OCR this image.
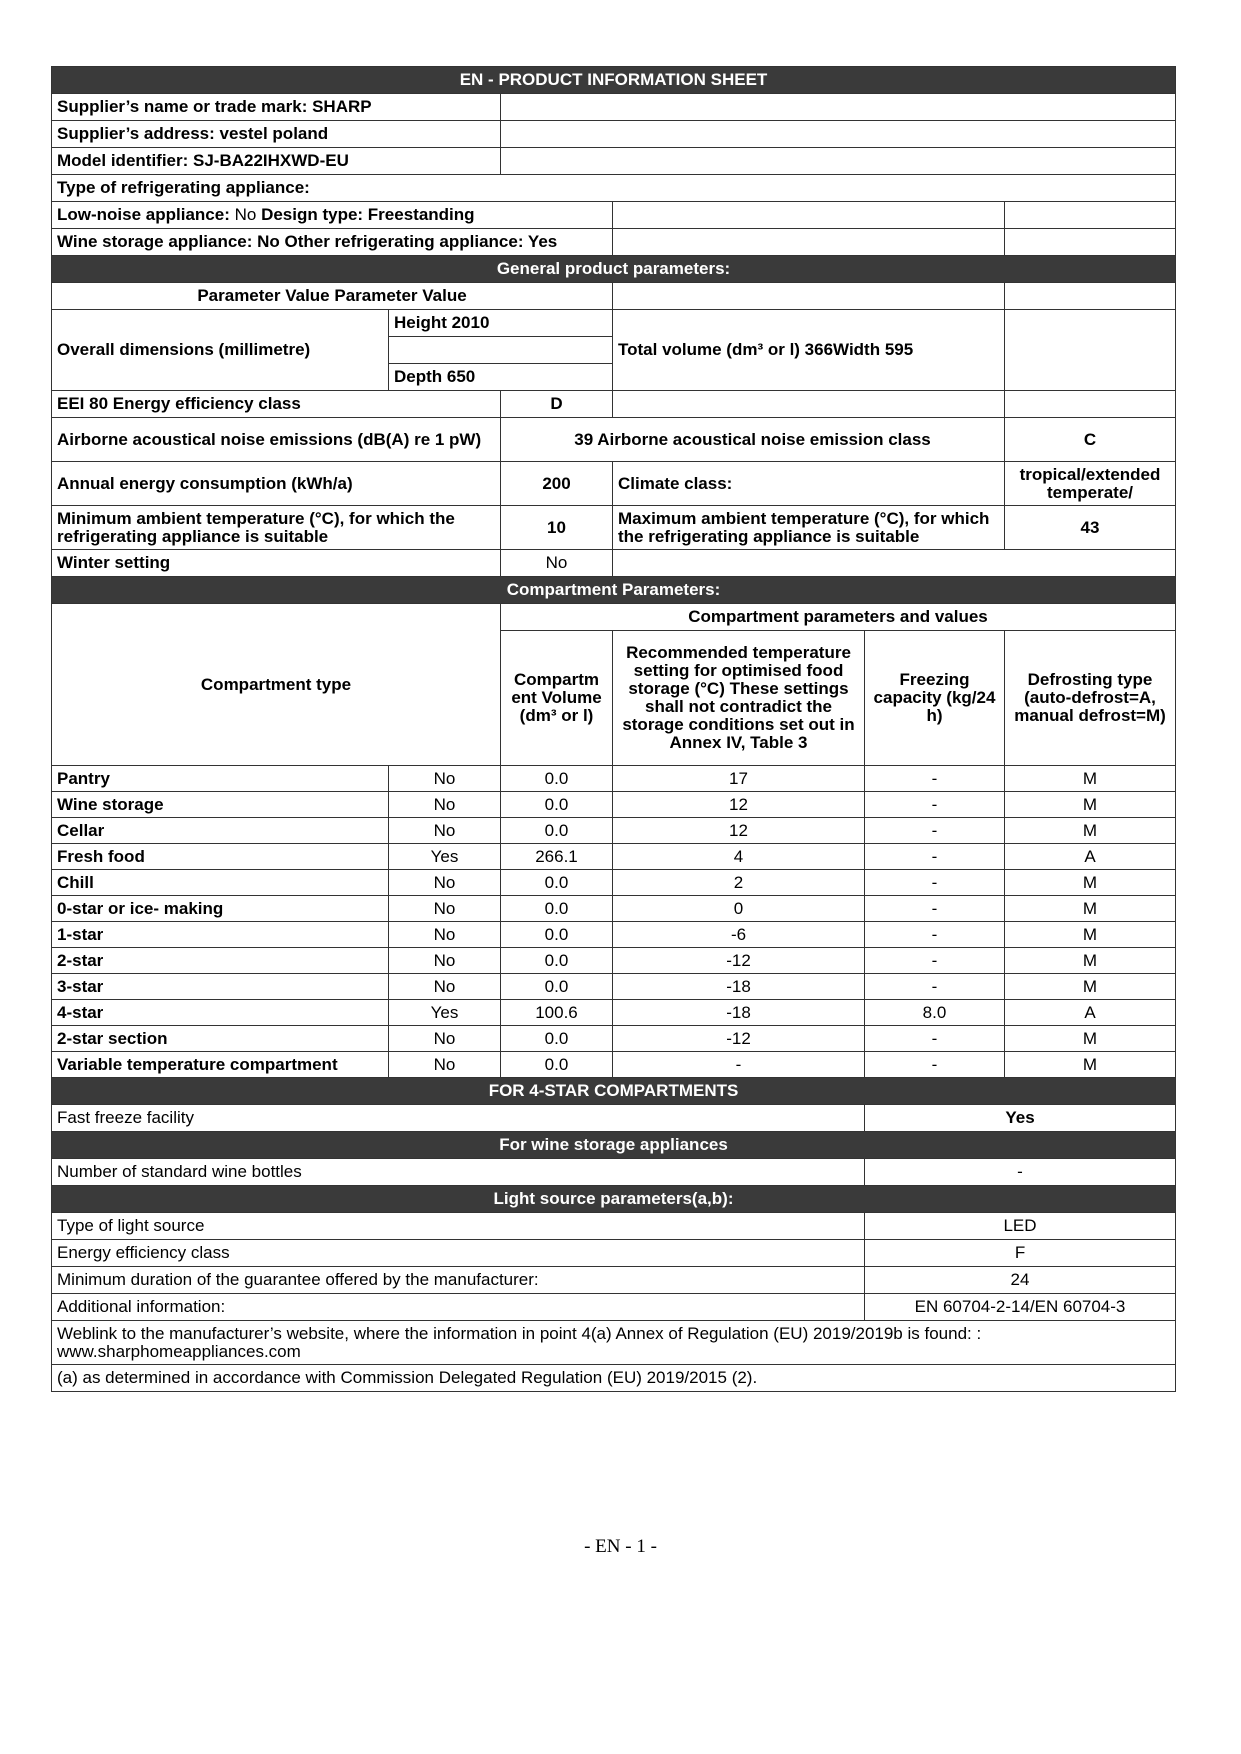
EN - PRODUCT INFORMATION SHEET					
Supplier’s name or trade mark: SHARP					
Supplier’s address: vestel poland					
Model identifier: SJ-BA22IHXWD-EU					
Type of refrigerating appliance:					
Low-noise appliance: No Design type: Freestanding					
Wine storage appliance: No Other refrigerating appliance: Yes					
General product parameters:					
Parameter Value Parameter Value					
Overall dimensions (millimetre)	Height 2010		Total volume (dm³ or l) 366Width 595		

	Depth 650				
EEI 80 Energy efficiency class		D			
Airborne acoustical noise emissions (dB(A) re 1 pW)		39 Airborne acoustical noise emission class			C
Annual energy consumption (kWh/a)		200	Climate class:		tropical/extended temperate/
Minimum ambient temperature (°C), for which the refrigerating appliance is suitable		10	Maximum ambient temperature (°C), for which the refrigerating appliance is suitable		43
Winter setting		No			
Compartment Parameters:					
Compartment type		Compartment parameters and values			
		Compartm ent Volume (dm³ or l)	Recommended temperature setting for optimised food storage (°C) These settings shall not contradict the storage conditions set out in Annex IV, Table 3	Freezing capacity (kg/24 h)	Defrosting type (auto-defrost=A, manual defrost=M)
Pantry	No	0.0	17	-	M
Wine storage	No	0.0	12	-	M
Cellar	No	0.0	12	-	M
Fresh food	Yes	266.1	4	-	A
Chill	No	0.0	2	-	M
0-star or ice- making	No	0.0	0	-	M
1-star	No	0.0	-6	-	M
2-star	No	0.0	-12	-	M
3-star	No	0.0	-18	-	M
4-star	Yes	100.6	-18	8.0	A
2-star section	No	0.0	-12	-	M
Variable temperature compartment	No	0.0	-	-	M
FOR 4-STAR COMPARTMENTS					
Fast freeze facility				Yes	
For wine storage appliances					
Number of standard wine bottles				-	
Light source parameters(a,b):					
Type of light source				LED	
Energy efficiency class				F	
Minimum duration of the guarantee offered by the manufacturer:				24	
Additional information:				EN 60704-2-14/EN 60704-3	
Weblink to the manufacturer’s website, where the information in point 4(a) Annex of Regulation (EU) 2019/2019b is found: : www.sharphomeappliances.com					
(a) as determined in accordance with Commission Delegated Regulation (EU) 2019/2015 (2).					
- EN - 1 -
